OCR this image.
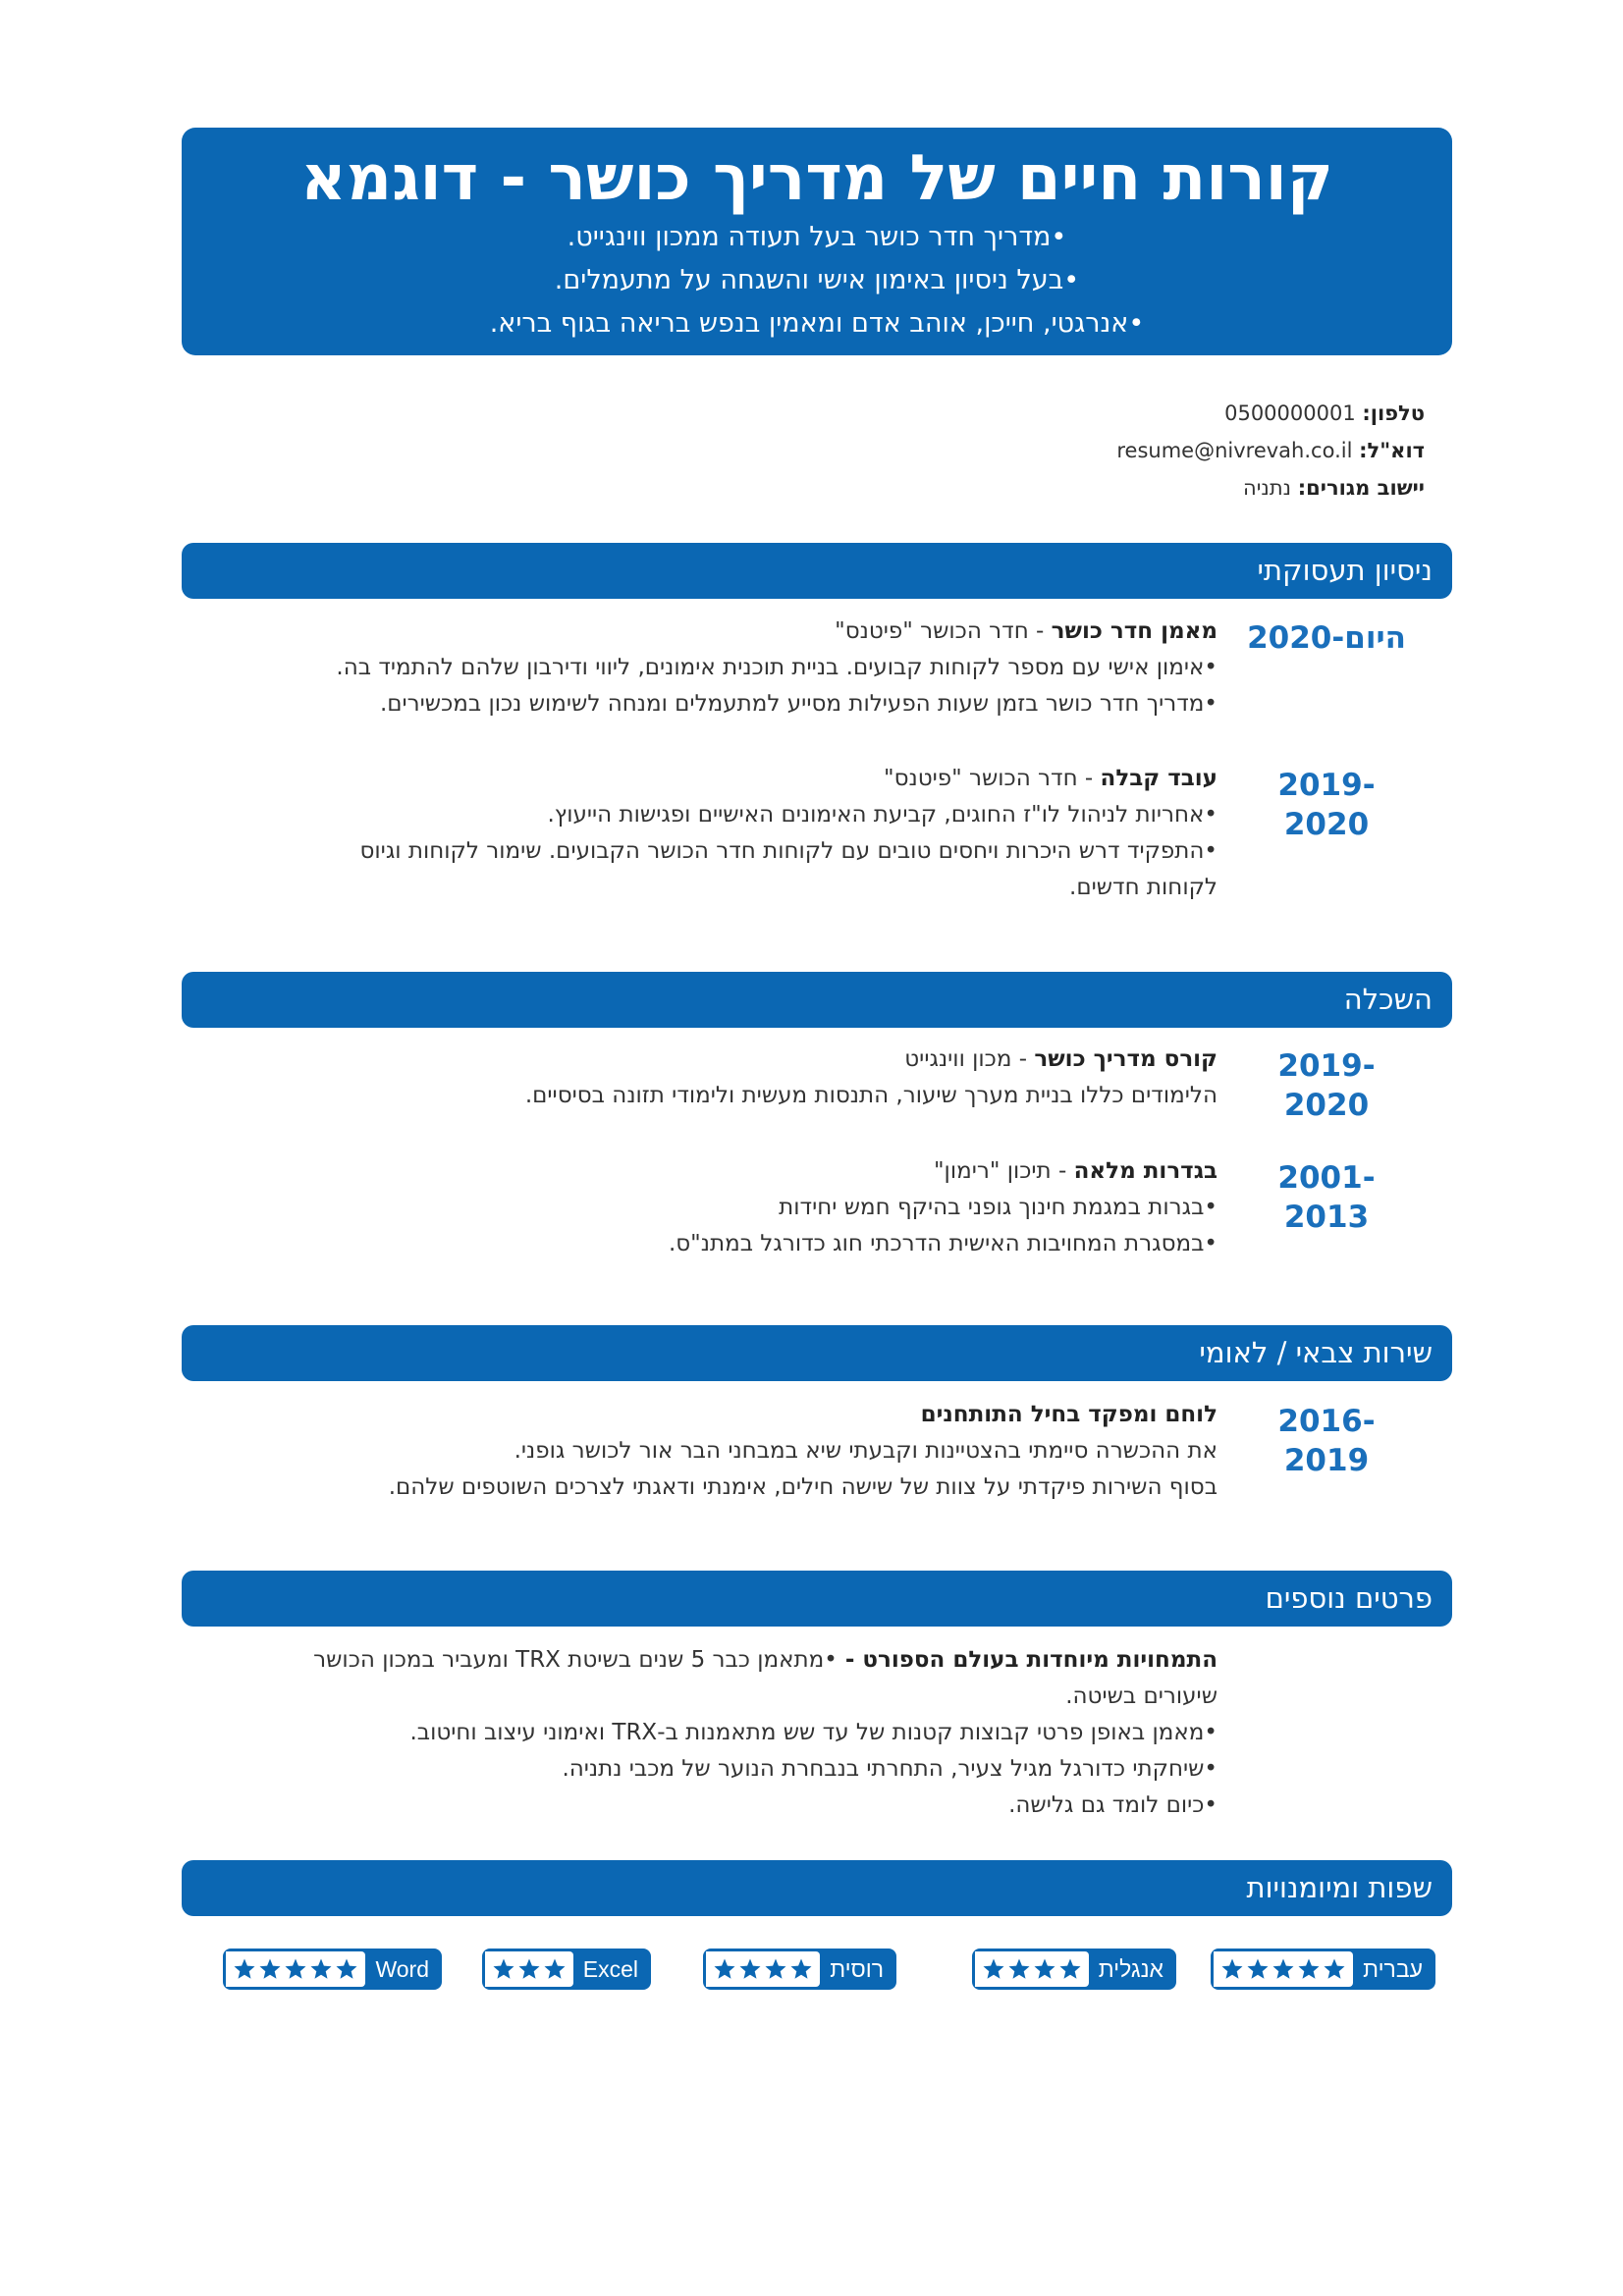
קורות חיים של מדריך כושר - דוגמא
•מדריך חדר כושר בעל תעודה ממכון ווינגייט.
•בעל ניסיון באימון אישי והשגחה על מתעמלים.
•אנרגטי, חייכן, אוהב אדם ומאמין בנפש בריאה בגוף בריא.
טלפון: 0500000001
דוא"ל: resume@nivrevah.co.il
יישוב מגורים: נתניה
ניסיון תעסוקתי
2020-היום

מאמן חדר כושר - חדר הכושר "פיטנס"

•אימון אישי עם מספר לקוחות קבועים. בניית תוכנית אימונים, ליווי ודירבון שלהם להתמיד בה.

•מדריך חדר כושר בזמן שעות הפעילות מסייע למתעמלים ומנחה לשימוש נכון במכשירים.

2019-2020

עובד קבלה - חדר הכושר "פיטנס"

•אחריות לניהול לו"ז החוגים, קביעת האימונים האישיים ופגישות הייעוץ.

•התפקיד דרש היכרות ויחסים טובים עם לקוחות חדר הכושר הקבועים. שימור לקוחות וגיוס

לקוחות חדשים.

השכלה
2019-2020

קורס מדריך כושר - מכון ווינגייט

הלימודים כללו בניית מערך שיעור, התנסות מעשית ולימודי תזונה בסיסיים.

2001-2013

בגדרות מלאה - תיכון "רימון"

•בגרות במגמת חינוך גופני בהיקף חמש יחידות

•במסגרת המחויבות האישית הדרכתי חוג כדורגל במתנ"ס.

שירות צבאי / לאומי
2016-2019

לוחם ומפקד בחיל התותחנים

את ההכשרה סיימתי בהצטיינות וקבעתי שיא במבחני הבר אור לכושר גופני.

בסוף השירות פיקדתי על צוות של שישה חילים, אימנתי ודאגתי לצרכים השוטפים שלהם.

פרטים נוספים

התמחויות מיוחדות בעולם הספורט - •מתאמן כבר 5 שנים בשיטת TRX ומעביר במכון הכושר

שיעורים בשיטה.

•מאמן באופן פרטי קבוצות קטנות של עד שש מתאמנות ב-TRX ואימוני עיצוב וחיטוב.

•שיחקתי כדורגל מגיל צעיר, התחרתי בנבחרת הנוער של מכבי נתניה.

•כיום לומד גם גלישה.

שפות ומיומנויות
עברית
אנגלית
רוסית
Excel
Word
